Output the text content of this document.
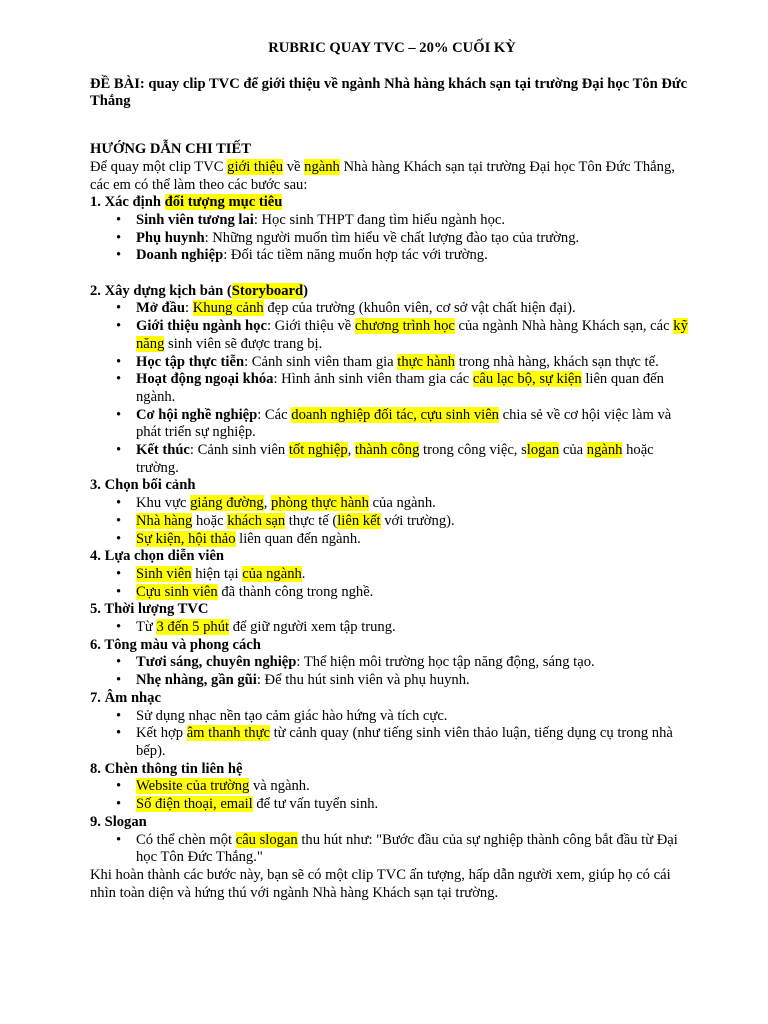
RUBRIC QUAY TVC – 20% CUỐI KỲ

ĐỀ BÀI: quay clip TVC để giới thiệu về ngành Nhà hàng khách sạn tại trường Đại học Tôn Đức Thắng

HƯỚNG DẪN CHI TIẾT

Để quay một clip TVC giới thiệu về ngành Nhà hàng Khách sạn tại trường Đại học Tôn Đức Thắng, các em có thể làm theo các bước sau:

1. Xác định đối tượng mục tiêu

• Sinh viên tương lai: Học sinh THPT đang tìm hiểu ngành học.
• Phụ huynh: Những người muốn tìm hiểu về chất lượng đào tạo của trường.
• Doanh nghiệp: Đối tác tiềm năng muốn hợp tác với trường.

2. Xây dựng kịch bản (Storyboard)

• Mở đầu: Khung cảnh đẹp của trường (khuôn viên, cơ sở vật chất hiện đại).
• Giới thiệu ngành học: Giới thiệu về chương trình học của ngành Nhà hàng Khách sạn, các kỹ năng sinh viên sẽ được trang bị.
• Học tập thực tiễn: Cảnh sinh viên tham gia thực hành trong nhà hàng, khách sạn thực tế.
• Hoạt động ngoại khóa: Hình ảnh sinh viên tham gia các câu lạc bộ, sự kiện liên quan đến ngành.
• Cơ hội nghề nghiệp: Các doanh nghiệp đối tác, cựu sinh viên chia sẻ về cơ hội việc làm và phát triển sự nghiệp.
• Kết thúc: Cảnh sinh viên tốt nghiệp, thành công trong công việc, slogan của ngành hoặc trường.

3. Chọn bối cảnh

• Khu vực giảng đường, phòng thực hành của ngành.
• Nhà hàng hoặc khách sạn thực tế (liên kết với trường).
• Sự kiện, hội thảo liên quan đến ngành.

4. Lựa chọn diễn viên

• Sinh viên hiện tại của ngành.
• Cựu sinh viên đã thành công trong nghề.

5. Thời lượng TVC

• Từ 3 đến 5 phút để giữ người xem tập trung.

6. Tông màu và phong cách

• Tươi sáng, chuyên nghiệp: Thể hiện môi trường học tập năng động, sáng tạo.
• Nhẹ nhàng, gần gũi: Để thu hút sinh viên và phụ huynh.

7. Âm nhạc

• Sử dụng nhạc nền tạo cảm giác hào hứng và tích cực.
• Kết hợp âm thanh thực từ cảnh quay (như tiếng sinh viên thảo luận, tiếng dụng cụ trong nhà bếp).

8. Chèn thông tin liên hệ

• Website của trường và ngành.
• Số điện thoại, email để tư vấn tuyển sinh.

9. Slogan

• Có thể chèn một câu slogan thu hút như: "Bước đầu của sự nghiệp thành công bắt đầu từ Đại học Tôn Đức Thắng."

Khi hoàn thành các bước này, bạn sẽ có một clip TVC ấn tượng, hấp dẫn người xem, giúp họ có cái nhìn toàn diện và hứng thú với ngành Nhà hàng Khách sạn tại trường.
